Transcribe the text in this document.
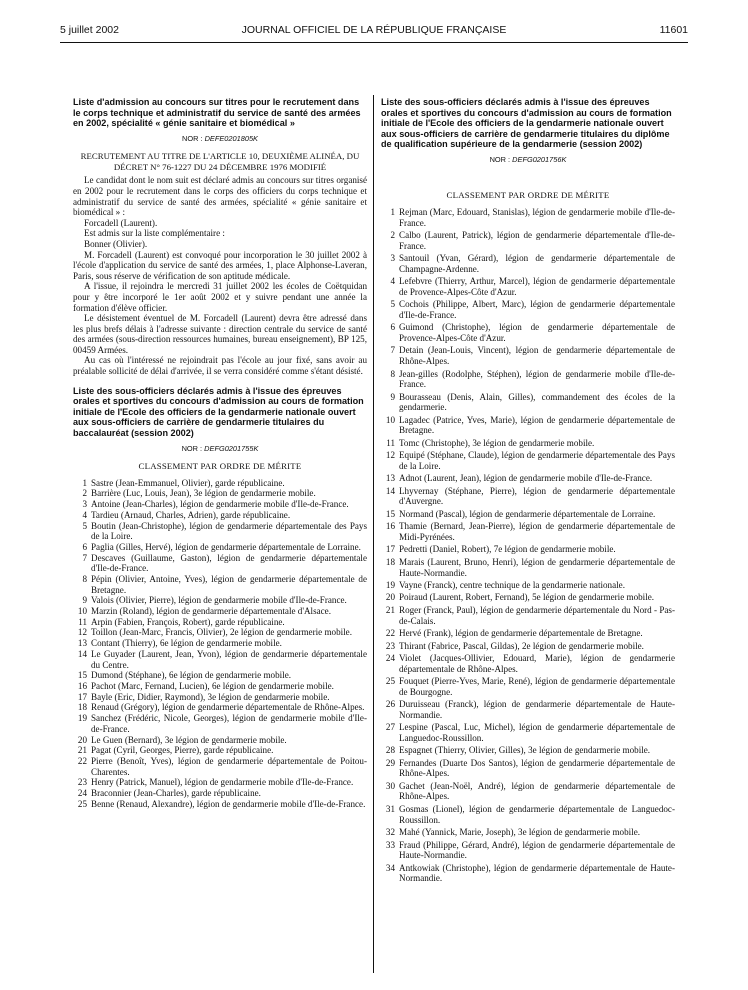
5 juillet 2002	JOURNAL OFFICIEL DE LA RÉPUBLIQUE FRANÇAISE	11601

Liste d'admission au concours sur titres pour le recrutement dans le corps technique et administratif du service de santé des armées en 2002, spécialité « génie sanitaire et biomédical »

NOR : DEFE0201805K

RECRUTEMENT AU TITRE DE L'ARTICLE 10, DEUXIÈME ALINÉA, DU DÉCRET N° 76-1227 DU 24 DÉCEMBRE 1976 MODIFIÉ

Le candidat dont le nom suit est déclaré admis au concours sur titres organisé en 2002 pour le recrutement dans le corps des officiers du corps technique et administratif du service de santé des armées, spécialité « génie sanitaire et biomédical » :

Forcadell (Laurent).

Est admis sur la liste complémentaire :

Bonner (Olivier).

M. Forcadell (Laurent) est convoqué pour incorporation le 30 juillet 2002 à l'école d'application du service de santé des armées, 1, place Alphonse-Laveran, Paris, sous réserve de vérification de son aptitude médicale.

A l'issue, il rejoindra le mercredi 31 juillet 2002 les écoles de Coëtquidan pour y être incorporé le 1er août 2002 et y suivre pendant une année la formation d'élève officier.

Le désistement éventuel de M. Forcadell (Laurent) devra être adressé dans les plus brefs délais à l'adresse suivante : direction centrale du service de santé des armées (sous-direction ressources humaines, bureau enseignement), BP 125, 00459 Armées.

Au cas où l'intéressé ne rejoindrait pas l'école au jour fixé, sans avoir au préalable sollicité de délai d'arrivée, il se verra considéré comme s'étant désisté.

Liste des sous-officiers déclarés admis à l'issue des épreuves orales et sportives du concours d'admission au cours de formation initiale de l'Ecole des officiers de la gendarmerie nationale ouvert aux sous-officiers de carrière de gendarmerie titulaires du baccalauréat (session 2002)

NOR : DEFG0201755K

CLASSEMENT PAR ORDRE DE MÉRITE

1 Sastre (Jean-Emmanuel, Olivier), garde républicaine.
2 Barrière (Luc, Louis, Jean), 3e légion de gendarmerie mobile.
3 Antoine (Jean-Charles), légion de gendarmerie mobile d'Ile-de-France.
4 Tardieu (Arnaud, Charles, Adrien), garde républicaine.
5 Boutin (Jean-Christophe), légion de gendarmerie départementale des Pays de la Loire.
6 Paglia (Gilles, Hervé), légion de gendarmerie départementale de Lorraine.
7 Descaves (Guillaume, Gaston), légion de gendarmerie départementale d'Ile-de-France.
8 Pépin (Olivier, Antoine, Yves), légion de gendarmerie départementale de Bretagne.
9 Valois (Olivier, Pierre), légion de gendarmerie mobile d'Ile-de-France.
10 Marzin (Roland), légion de gendarmerie départementale d'Alsace.
11 Arpin (Fabien, François, Robert), garde républicaine.
12 Toillon (Jean-Marc, Francis, Olivier), 2e légion de gendarmerie mobile.
13 Contant (Thierry), 6e légion de gendarmerie mobile.
14 Le Guyader (Laurent, Jean, Yvon), légion de gendarmerie départementale du Centre.
15 Dumond (Stéphane), 6e légion de gendarmerie mobile.
16 Pachot (Marc, Fernand, Lucien), 6e légion de gendarmerie mobile.
17 Bayle (Eric, Didier, Raymond), 3e légion de gendarmerie mobile.
18 Renaud (Grégory), légion de gendarmerie départementale de Rhône-Alpes.
19 Sanchez (Frédéric, Nicole, Georges), légion de gendarmerie mobile d'Ile-de-France.
20 Le Guen (Bernard), 3e légion de gendarmerie mobile.
21 Pagat (Cyril, Georges, Pierre), garde républicaine.
22 Pierre (Benoît, Yves), légion de gendarmerie départementale de Poitou-Charentes.
23 Henry (Patrick, Manuel), légion de gendarmerie mobile d'Ile-de-France.
24 Braconnier (Jean-Charles), garde républicaine.
25 Benne (Renaud, Alexandre), légion de gendarmerie mobile d'Ile-de-France.

Liste des sous-officiers déclarés admis à l'issue des épreuves orales et sportives du concours d'admission au cours de formation initiale de l'Ecole des officiers de la gendarmerie nationale ouvert aux sous-officiers de carrière de gendarmerie titulaires du diplôme de qualification supérieure de la gendarmerie (session 2002)

NOR : DEFG0201756K

CLASSEMENT PAR ORDRE DE MÉRITE

1 Rejman (Marc, Edouard, Stanislas), légion de gendarmerie mobile d'Ile-de-France.
2 Calbo (Laurent, Patrick), légion de gendarmerie départementale d'Ile-de-France.
3 Santouil (Yvan, Gérard), légion de gendarmerie départementale de Champagne-Ardenne.
4 Lefebvre (Thierry, Arthur, Marcel), légion de gendarmerie départementale de Provence-Alpes-Côte d'Azur.
5 Cochois (Philippe, Albert, Marc), légion de gendarmerie départementale d'Ile-de-France.
6 Guimond (Christophe), légion de gendarmerie départementale de Provence-Alpes-Côte d'Azur.
7 Detain (Jean-Louis, Vincent), légion de gendarmerie départementale de Rhône-Alpes.
8 Jean-gilles (Rodolphe, Stéphen), légion de gendarmerie mobile d'Ile-de-France.
9 Bourasseau (Denis, Alain, Gilles), commandement des écoles de la gendarmerie.
10 Lagadec (Patrice, Yves, Marie), légion de gendarmerie départementale de Bretagne.
11 Tomc (Christophe), 3e légion de gendarmerie mobile.
12 Equipé (Stéphane, Claude), légion de gendarmerie départementale des Pays de la Loire.
13 Adnot (Laurent, Jean), légion de gendarmerie mobile d'Ile-de-France.
14 Lhyvernay (Stéphane, Pierre), légion de gendarmerie départementale d'Auvergne.
15 Normand (Pascal), légion de gendarmerie départementale de Lorraine.
16 Thamie (Bernard, Jean-Pierre), légion de gendarmerie départementale de Midi-Pyrénées.
17 Pedretti (Daniel, Robert), 7e légion de gendarmerie mobile.
18 Marais (Laurent, Bruno, Henri), légion de gendarmerie départementale de Haute-Normandie.
19 Vayne (Franck), centre technique de la gendarmerie nationale.
20 Poiraud (Laurent, Robert, Fernand), 5e légion de gendarmerie mobile.
21 Roger (Franck, Paul), légion de gendarmerie départementale du Nord - Pas-de-Calais.
22 Hervé (Frank), légion de gendarmerie départementale de Bretagne.
23 Thirant (Fabrice, Pascal, Gildas), 2e légion de gendarmerie mobile.
24 Violet (Jacques-Ollivier, Edouard, Marie), légion de gendarmerie départementale de Rhône-Alpes.
25 Fouquet (Pierre-Yves, Marie, René), légion de gendarmerie départementale de Bourgogne.
26 Duruisseau (Franck), légion de gendarmerie départementale de Haute-Normandie.
27 Lespine (Pascal, Luc, Michel), légion de gendarmerie départementale de Languedoc-Roussillon.
28 Espagnet (Thierry, Olivier, Gilles), 3e légion de gendarmerie mobile.
29 Fernandes (Duarte Dos Santos), légion de gendarmerie départementale de Rhône-Alpes.
30 Gachet (Jean-Noël, André), légion de gendarmerie départementale de Rhône-Alpes.
31 Gosmas (Lionel), légion de gendarmerie départementale de Languedoc-Roussillon.
32 Mahé (Yannick, Marie, Joseph), 3e légion de gendarmerie mobile.
33 Fraud (Philippe, Gérard, André), légion de gendarmerie départementale de Haute-Normandie.
34 Antkowiak (Christophe), légion de gendarmerie départementale de Haute-Normandie.
